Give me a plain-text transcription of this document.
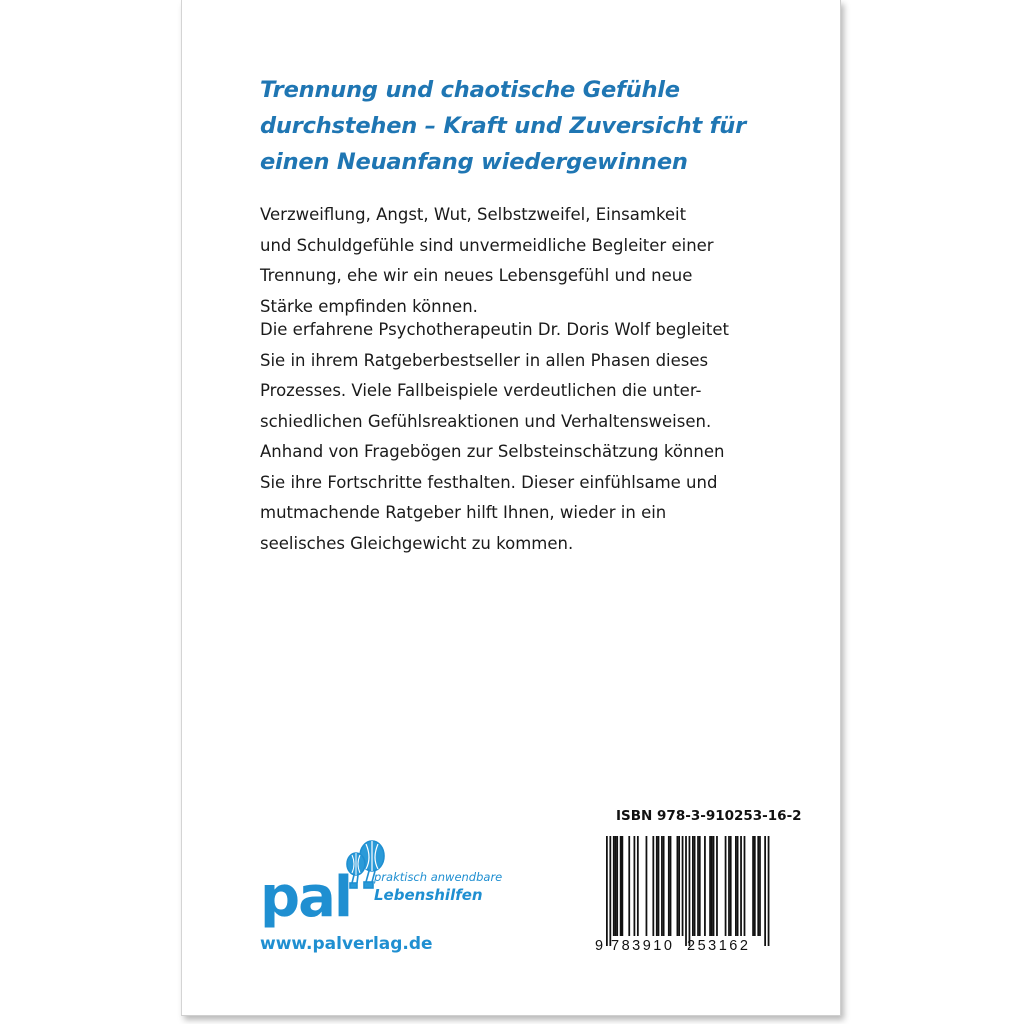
Trennung und chaotische Gefühle
durchstehen – Kraft und Zuversicht für
einen Neuanfang wiedergewinnen

Verzweiflung, Angst, Wut, Selbstzweifel, Einsamkeit
und Schuldgefühle sind unvermeidliche Begleiter einer
Trennung, ehe wir ein neues Lebensgefühl und neue
Stärke empfinden können.

Die erfahrene Psychotherapeutin Dr. Doris Wolf begleitet
Sie in ihrem Ratgeberbestseller in allen Phasen dieses
Prozesses. Viele Fallbeispiele verdeutlichen die unter-
schiedlichen Gefühlsreaktionen und Verhaltensweisen.
Anhand von Fragebögen zur Selbsteinschätzung können
Sie ihre Fortschritte festhalten. Dieser einfühlsame und
mutmachende Ratgeber hilft Ihnen, wieder in ein
seelisches Gleichgewicht zu kommen.

pal praktisch anwendbare
Lebenshilfen
www.palverlag.de
ISBN 978-3-910253-16-2
9 783910 253162
